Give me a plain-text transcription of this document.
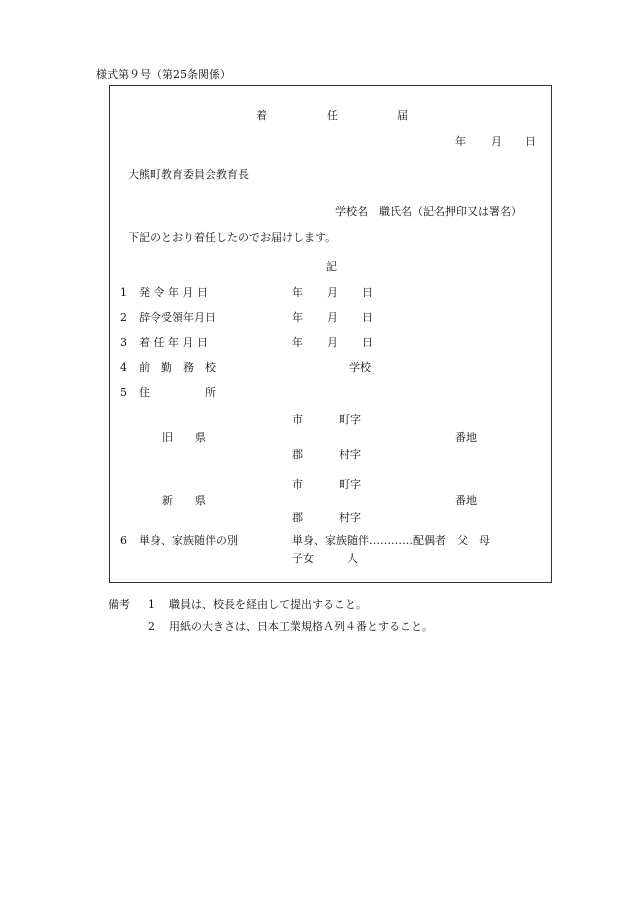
様式第９号（第25条関係）
着	任	届
年 月 日
大熊町教育委員会教育長
学校名　職氏名（記名押印又は署名）
下記のとおり着任したのでお届けします。
記
1 発 令 年 月 日	年 月 日
2 辞令受領年月日	年 月 日
3 着 任 年 月 日	年 月 日
4 前　勤　務　校	学校
5 住　　　　　所
市	町字
旧　　県	番地
郡	村字
市	町字
新　　県	番地
郡	村字
6 単身、家族随伴の別	単身、家族随伴…………配偶者　父　母
子女　　　人
備考 1 職員は、校長を経由して提出すること。
2 用紙の大きさは、日本工業規格Ａ列４番とすること。
